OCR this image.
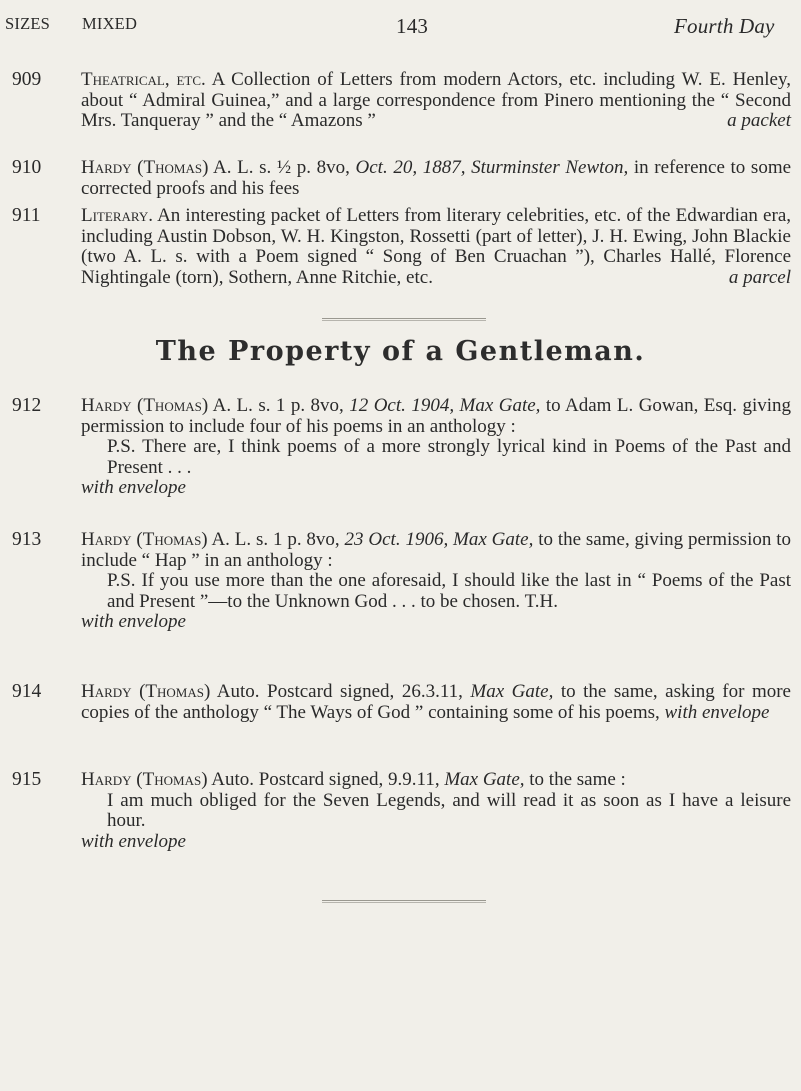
SIZES MIXED	143	Fourth Day
909 Theatrical, etc. A Collection of Letters from modern Actors, etc. including W. E. Henley, about “ Admiral Guinea,” and a large correspondence from Pinero mentioning the “ Second Mrs. Tanqueray ” and the “ Amazons ”	a packet
910 Hardy (Thomas) A. L. s. ½ p. 8vo, Oct. 20, 1887, Sturminster Newton, in reference to some corrected proofs and his fees
911 Literary. An interesting packet of Letters from literary celebrities, etc. of the Edwardian era, including Austin Dobson, W. H. Kingston, Rossetti (part of letter), J. H. Ewing, John Blackie (two A. L. s. with a Poem signed “ Song of Ben Cruachan ”), Charles Hallé, Florence Nightingale (torn), Sothern, Anne Ritchie, etc.	a parcel
The Property of a Gentleman.
912 Hardy (Thomas) A. L. s. 1 p. 8vo, 12 Oct. 1904, Max Gate, to Adam L. Gowan, Esq. giving permission to include four of his poems in an anthology :
P.S. There are, I think poems of a more strongly lyrical kind in Poems of the Past and Present . . .
with envelope
913 Hardy (Thomas) A. L. s. 1 p. 8vo, 23 Oct. 1906, Max Gate, to the same, giving permission to include “ Hap ” in an anthology :
P.S. If you use more than the one aforesaid, I should like the last in “ Poems of the Past and Present ”—to the Unknown God . . . to be chosen. T.H.
with envelope
914 Hardy (Thomas) Auto. Postcard signed, 26.3.11, Max Gate, to the same, asking for more copies of the anthology “ The Ways of God ” containing some of his poems, with envelope
915 Hardy (Thomas) Auto. Postcard signed, 9.9.11, Max Gate, to the same :
I am much obliged for the Seven Legends, and will read it as soon as I have a leisure hour.
with envelope
